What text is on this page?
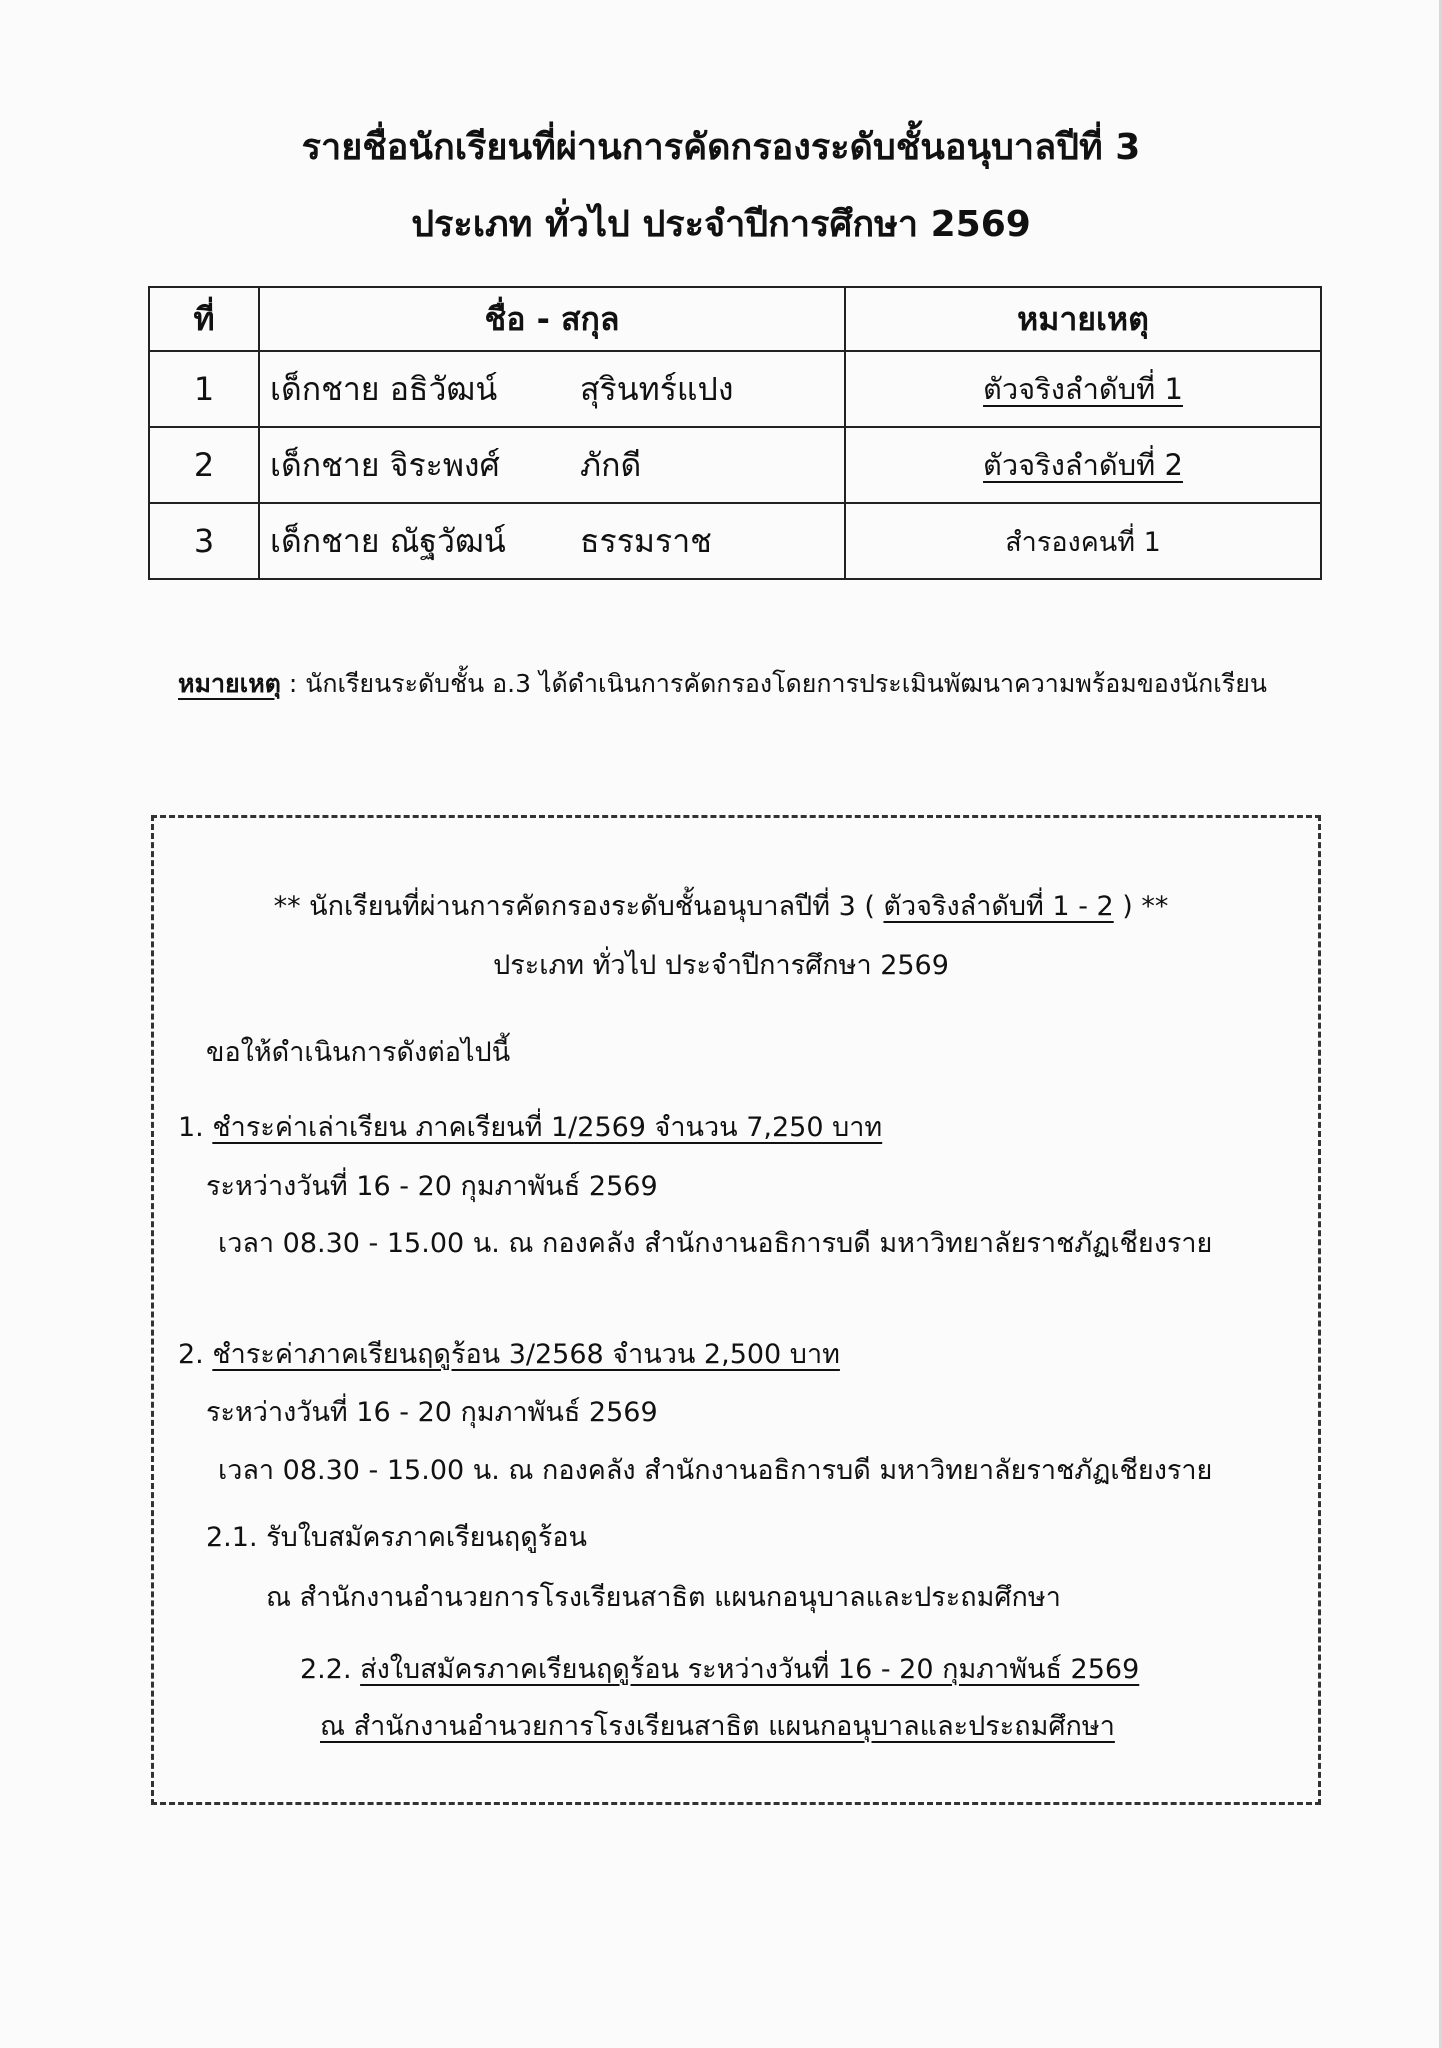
รายชื่อนักเรียนที่ผ่านการคัดกรองระดับชั้นอนุบาลปีที่ 3
ประเภท ทั่วไป ประจำปีการศึกษา 2569
ที่	ชื่อ - สกุล	หมายเหตุ
1	เด็กชาย อธิวัฒน์ สุรินทร์แปง	ตัวจริงลำดับที่ 1
2	เด็กชาย จิระพงศ์ ภักดี	ตัวจริงลำดับที่ 2
3	เด็กชาย ณัฐวัฒน์ ธรรมราช	สำรองคนที่ 1
หมายเหตุ : นักเรียนระดับชั้น อ.3 ได้ดำเนินการคัดกรองโดยการประเมินพัฒนาความพร้อมของนักเรียน
** นักเรียนที่ผ่านการคัดกรองระดับชั้นอนุบาลปีที่ 3 ( ตัวจริงลำดับที่ 1 - 2 ) **
ประเภท ทั่วไป ประจำปีการศึกษา 2569
ขอให้ดำเนินการดังต่อไปนี้
1. ชำระค่าเล่าเรียน ภาคเรียนที่ 1/2569 จำนวน 7,250 บาท
ระหว่างวันที่ 16 - 20 กุมภาพันธ์ 2569
เวลา 08.30 - 15.00 น. ณ กองคลัง สำนักงานอธิการบดี มหาวิทยาลัยราชภัฏเชียงราย
2. ชำระค่าภาคเรียนฤดูร้อน 3/2568 จำนวน 2,500 บาท
ระหว่างวันที่ 16 - 20 กุมภาพันธ์ 2569
เวลา 08.30 - 15.00 น. ณ กองคลัง สำนักงานอธิการบดี มหาวิทยาลัยราชภัฏเชียงราย
2.1. รับใบสมัครภาคเรียนฤดูร้อน
ณ สำนักงานอำนวยการโรงเรียนสาธิต แผนกอนุบาลและประถมศึกษา
2.2. ส่งใบสมัครภาคเรียนฤดูร้อน ระหว่างวันที่ 16 - 20 กุมภาพันธ์ 2569
ณ สำนักงานอำนวยการโรงเรียนสาธิต แผนกอนุบาลและประถมศึกษา
